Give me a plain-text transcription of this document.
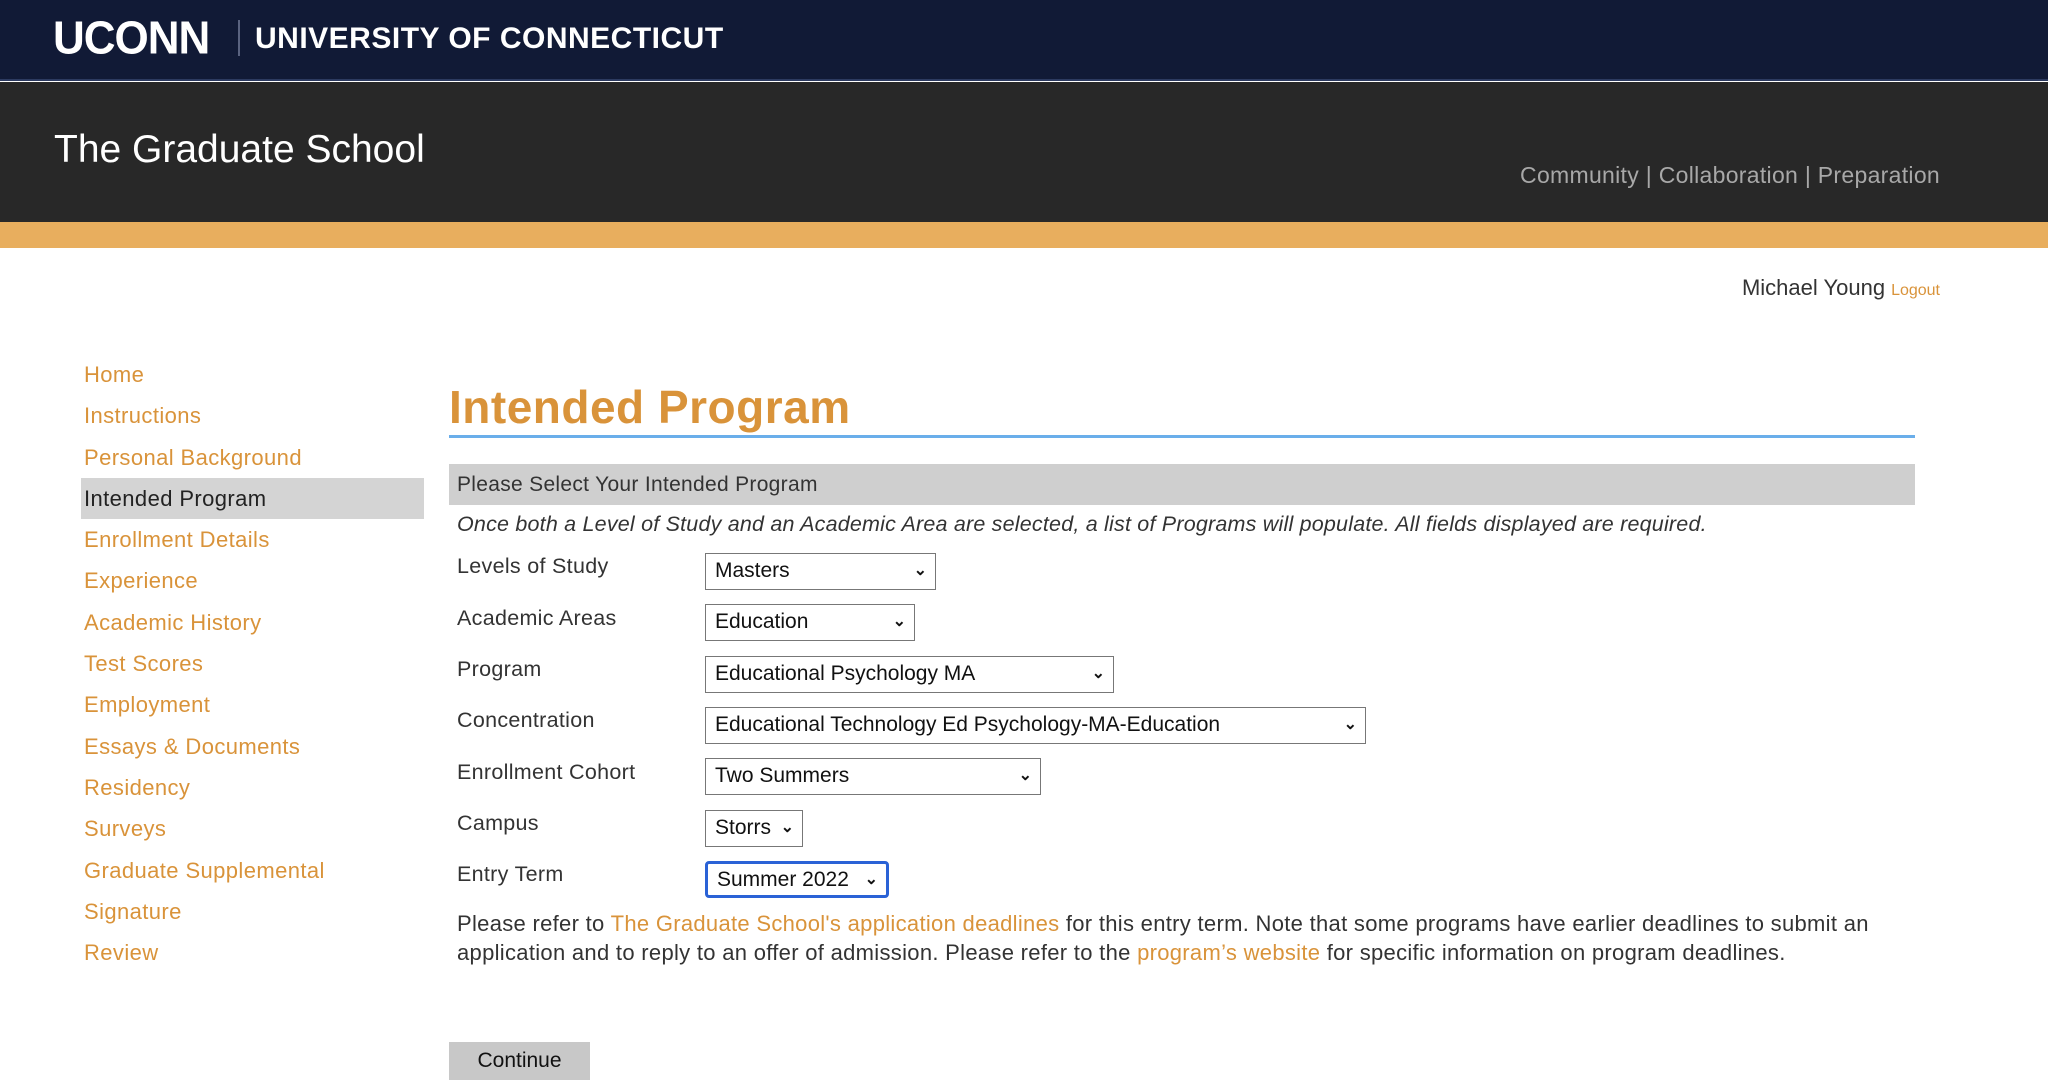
UCONN UNIVERSITY OF CONNECTICUT
The Graduate School
Community | Collaboration | Preparation
Michael Young Logout
Home
Instructions
Personal Background
Intended Program
Enrollment Details
Experience
Academic History
Test Scores
Employment
Essays & Documents
Residency
Surveys
Graduate Supplemental
Signature
Review
Intended Program
Please Select Your Intended Program
Once both a Level of Study and an Academic Area are selected, a list of Programs will populate. All fields displayed are required.
Levels of Study	Masters	⌄
Academic Areas	Education	⌄
Program	Educational Psychology MA	⌄
Concentration	Educational Technology Ed Psychology-MA-Education	⌄
Enrollment Cohort	Two Summers	⌄
Campus	Storrs ⌄
Entry Term	Summer 2022 ⌄

Please refer to The Graduate School's application deadlines for this entry term. Note that some programs have earlier deadlines to submit an application and to reply to an offer of admission. Please refer to the program’s website for specific information on program deadlines.

Continue
